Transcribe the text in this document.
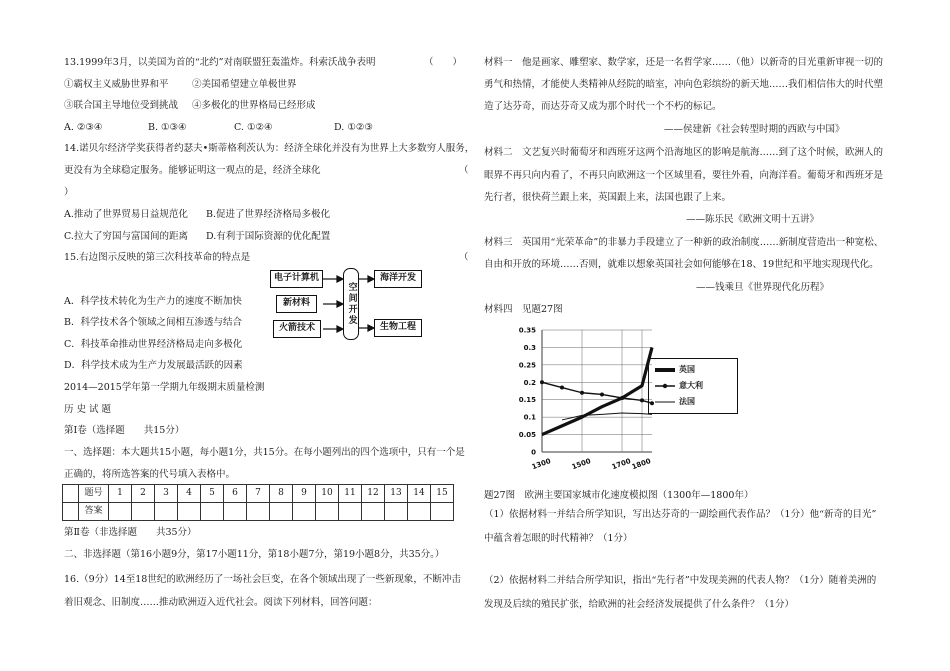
13.1999年3月，以美国为首的“北约”对南联盟狂轰滥炸。科索沃战争表明	（　　）
①霸权主义威胁世界和平 ②美国希望建立单极世界
③联合国主导地位受到挑战 ④多极化的世界格局已经形成
A. ②③④	B. ①③④	C. ①②④	D. ①②③
14.诺贝尔经济学奖获得者约瑟夫•斯蒂格利茨认为：经济全球化并没有为世界上大多数穷人服务，
更没有为全球稳定服务。能够证明这一观点的是，经济全球化	（
）
A.推动了世界贸易日益规范化 B.促进了世界经济格局多极化
C.拉大了穷国与富国间的距离 D.有利于国际资源的优化配置
15.右边图示反映的第三次科技革命的特点是	（
A．科学技术转化为生产力的速度不断加快
B．科学技术各个领域之间相互渗透与结合
C．科技革命推动世界经济格局走向多极化
D．科学技术成为生产力发展最活跃的因素
电子计算机
新材料
火箭技术
空间开发
海洋开发
生物工程
2014—2015学年第一学期九年级期末质量检测
历 史 试 题
第Ⅰ卷（选择题　　共15分）
一、选择题：本大题共15小题，每小题1分，共15分。在每小题列出的四个选项中，只有一个是
正确的，将所选答案的代号填入表格中。
	题号	1	2	3	4	5	6	7	8	9	10	11	12	13	14	15
	答案															
第Ⅱ卷（非选择题　　共35分）
二、非选择题（第16小题9分，第17小题11分，第18小题7分，第19小题8分，共35分。）
16.（9分）14至18世纪的欧洲经历了一场社会巨变，在各个领域出现了一些新现象，不断冲击
着旧观念、旧制度……推动欧洲迈入近代社会。阅读下列材料，回答问题：
材料一　他是画家、雕塑家、数学家，还是一名哲学家……（他）以新奇的目光重新审视一切的
勇气和热情，才能使人类精神从经院的暗室，冲向色彩缤纷的新天地……我们相信伟大的时代塑
造了达芬奇，而达芬奇又成为那个时代一个不朽的标记。
——侯建新《社会转型时期的西欧与中国》
材料二　文艺复兴时葡萄牙和西班牙这两个沿海地区的影响是航海……到了这个时候，欧洲人的
眼界不再只向内看了，不再只向欧洲这一个区域里看，要往外看，向海洋看。葡萄牙和西班牙是
先行者，很快荷兰跟上来，英国跟上来，法国也跟了上来。
——陈乐民《欧洲文明十五讲》
材料三　英国用“光荣革命”的非暴力手段建立了一种新的政治制度……新制度营造出一种宽松、
自由和开放的环境……否则，就难以想象英国社会如何能够在18、19世纪和平地实现现代化。
——钱乘旦《世界现代化历程》
材料四　见题27图
0
0.05
0.1
0.15
0.2
0.25
0.3
0.35
1300	1500	1700
1800
英国
意大利
法国
题27图　欧洲主要国家城市化速度模拟图（1300年—1800年）
（1）依据材料一并结合所学知识，写出达芬奇的一副绘画代表作品？（1分）他“新奇的目光”
中蕴含着怎眼的时代精神？（1分）
（2）依据材料二并结合所学知识，指出“先行者”中发现美洲的代表人物？（1分）随着美洲的
发现及后续的殖民扩张，给欧洲的社会经济发展提供了什么条件？（1分）
